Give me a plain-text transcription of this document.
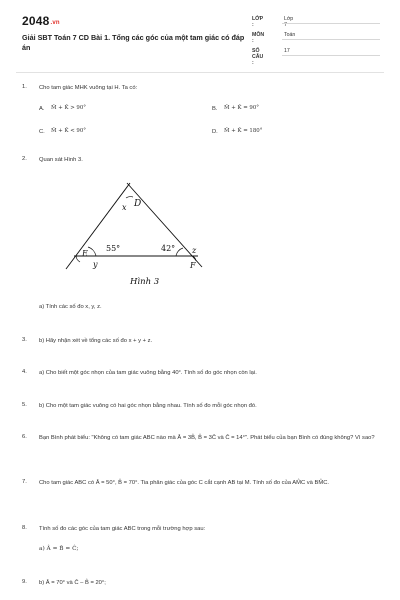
2048.vn
Giải SBT Toán 7 CD Bài 1. Tổng các góc của một tam giác có đáp án
LỚP :
Lớp 7
MÔN :
Toán
SỐ CÂU :
17
1. Cho tam giác MHK vuông tại H. Ta có:
A. M̂ + K̂ > 90°	B. M̂ + K̂ = 90°
C. M̂ + K̂ < 90°	D. M̂ + K̂ = 180°
2. Quan sát Hình 3.
D
x
E
y
55°	42° z
F
Hình 3
a) Tính các số đo x, y, z.
3. b) Hãy nhận xét về tổng các số đo x + y + z.
4. a) Cho biết một góc nhọn của tam giác vuông bằng 40°. Tính số đo góc nhọn còn lại.
5. b) Cho một tam giác vuông có hai góc nhọn bằng nhau. Tính số đo mỗi góc nhọn đó.
6. Bạn Bình phát biểu: "Không có tam giác ABC nào mà Â = 3B̂, B̂ = 3Ĉ và Ĉ = 14°". Phát biểu của bạn Bình có đúng không? Vì sao?
7. Cho tam giác ABC có Â = 50°, B̂ = 70°. Tia phân giác của góc C cắt cạnh AB tại M. Tính số đo của AM̂C và BM̂C.
8. Tính số đo các góc của tam giác ABC trong mỗi trường hợp sau:
a) Â = B̂ = Ĉ;
9. b) Â = 70° và Ĉ – B̂ = 20°;
